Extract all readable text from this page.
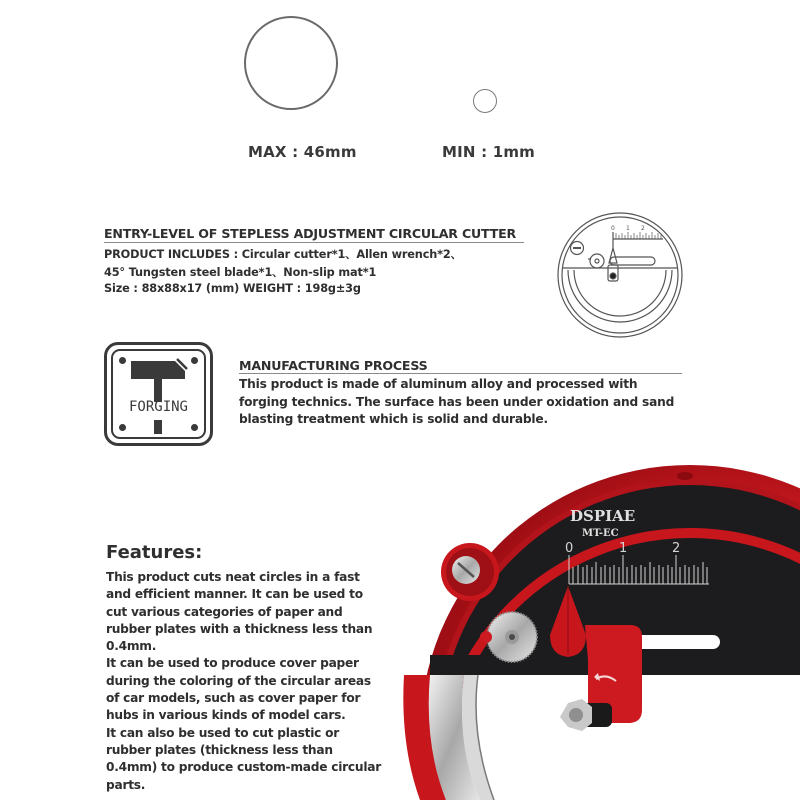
MAX : 46mm	MIN : 1mm
ENTRY-LEVEL OF STEPLESS ADJUSTMENT CIRCULAR CUTTER
PRODUCT INCLUDES : Circular cutter*1、Allen wrench*2、
45° Tungsten steel blade*1、Non-slip mat*1
Size : 88x88x17 (mm) WEIGHT : 198g±3g
0 1 2
FORGING
MANUFACTURING PROCESS
This product is made of aluminum alloy and processed with forging technics. The surface has been under oxidation and sand blasting treatment which is solid and durable.
0	1	2
DSPIAE
MT-EC
Features:

This product cuts neat circles in a fast and efficient manner. It can be used to cut various categories of paper and rubber plates with a thickness less than 0.4mm.

It can be used to produce cover paper during the coloring of the circular areas of car models, such as cover paper for hubs in various kinds of model cars.

It can also be used to cut plastic or rubber plates (thickness less than 0.4mm) to produce custom-made circular parts.
